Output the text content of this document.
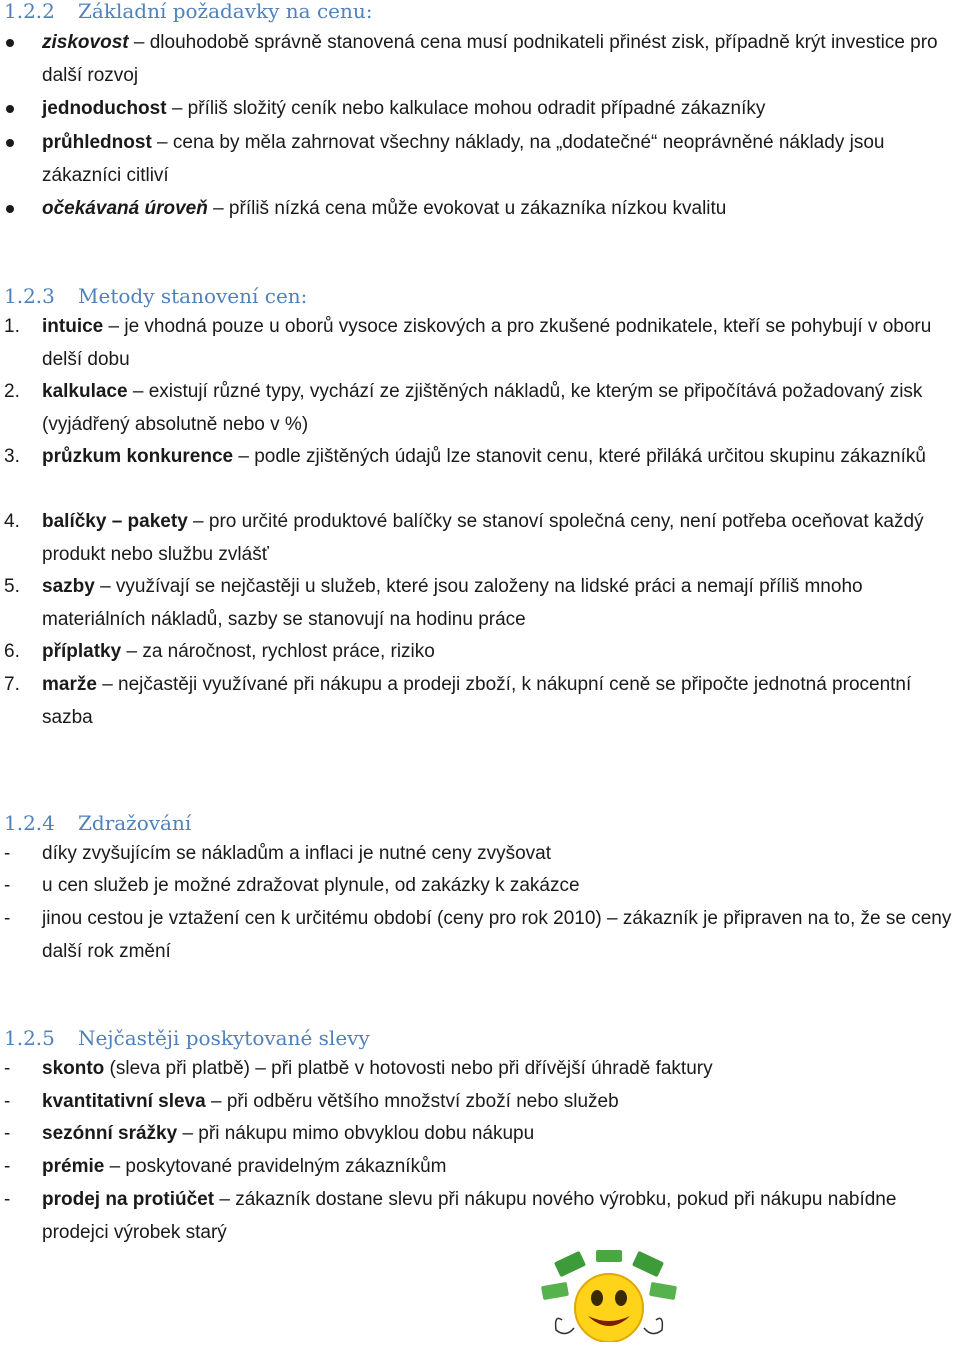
1.2.2 Základní požadavky na cenu:
ziskovost – dlouhodobě správně stanovená cena musí podnikateli přinést zisk, případně krýt investice pro další rozvoj
jednoduchost – příliš složitý ceník nebo kalkulace mohou odradit případné zákazníky
průhlednost – cena by měla zahrnovat všechny náklady, na „dodatečné“ neoprávněné náklady jsou zákazníci citliví
očekávaná úroveň – příliš nízká cena může evokovat u zákazníka nízkou kvalitu
1.2.3 Metody stanovení cen:
1.	intuice – je vhodná pouze u oborů vysoce ziskových a pro zkušené podnikatele, kteří se pohybují v oboru delší dobu
2.	kalkulace – existují různé typy, vychází ze zjištěných nákladů, ke kterým se připočítává požadovaný zisk (vyjádřený absolutně nebo v %)
3.	průzkum konkurence – podle zjištěných údajů lze stanovit cenu, které přiláká určitou skupinu zákazníků
4.	balíčky – pakety – pro určité produktové balíčky se stanoví společná ceny, není potřeba oceňovat každý produkt nebo službu zvlášť
5.	sazby – využívají se nejčastěji u služeb, které jsou založeny na lidské práci a nemají příliš mnoho materiálních nákladů, sazby se stanovují na hodinu práce
6.	příplatky – za náročnost, rychlost práce, riziko
7.	marže – nejčastěji využívané při nákupu a prodeji zboží, k nákupní ceně se připočte jednotná procentní sazba
1.2.4 Zdražování
-	díky zvyšujícím se nákladům a inflaci je nutné ceny zvyšovat
-	u cen služeb je možné zdražovat plynule, od zakázky k zakázce
-	jinou cestou je vztažení cen k určitému období (ceny pro rok 2010) – zákazník je připraven na to, že se ceny další rok změní
1.2.5 Nejčastěji poskytované slevy
-	skonto (sleva při platbě) – při platbě v hotovosti nebo při dřívější úhradě faktury
-	kvantitativní sleva – při odběru většího množství zboží nebo služeb
-	sezónní srážky – při nákupu mimo obvyklou dobu nákupu
-	prémie – poskytované pravidelným zákazníkům
-	prodej na protiúčet – zákazník dostane slevu při nákupu nového výrobku, pokud při nákupu nabídne prodejci výrobek starý
